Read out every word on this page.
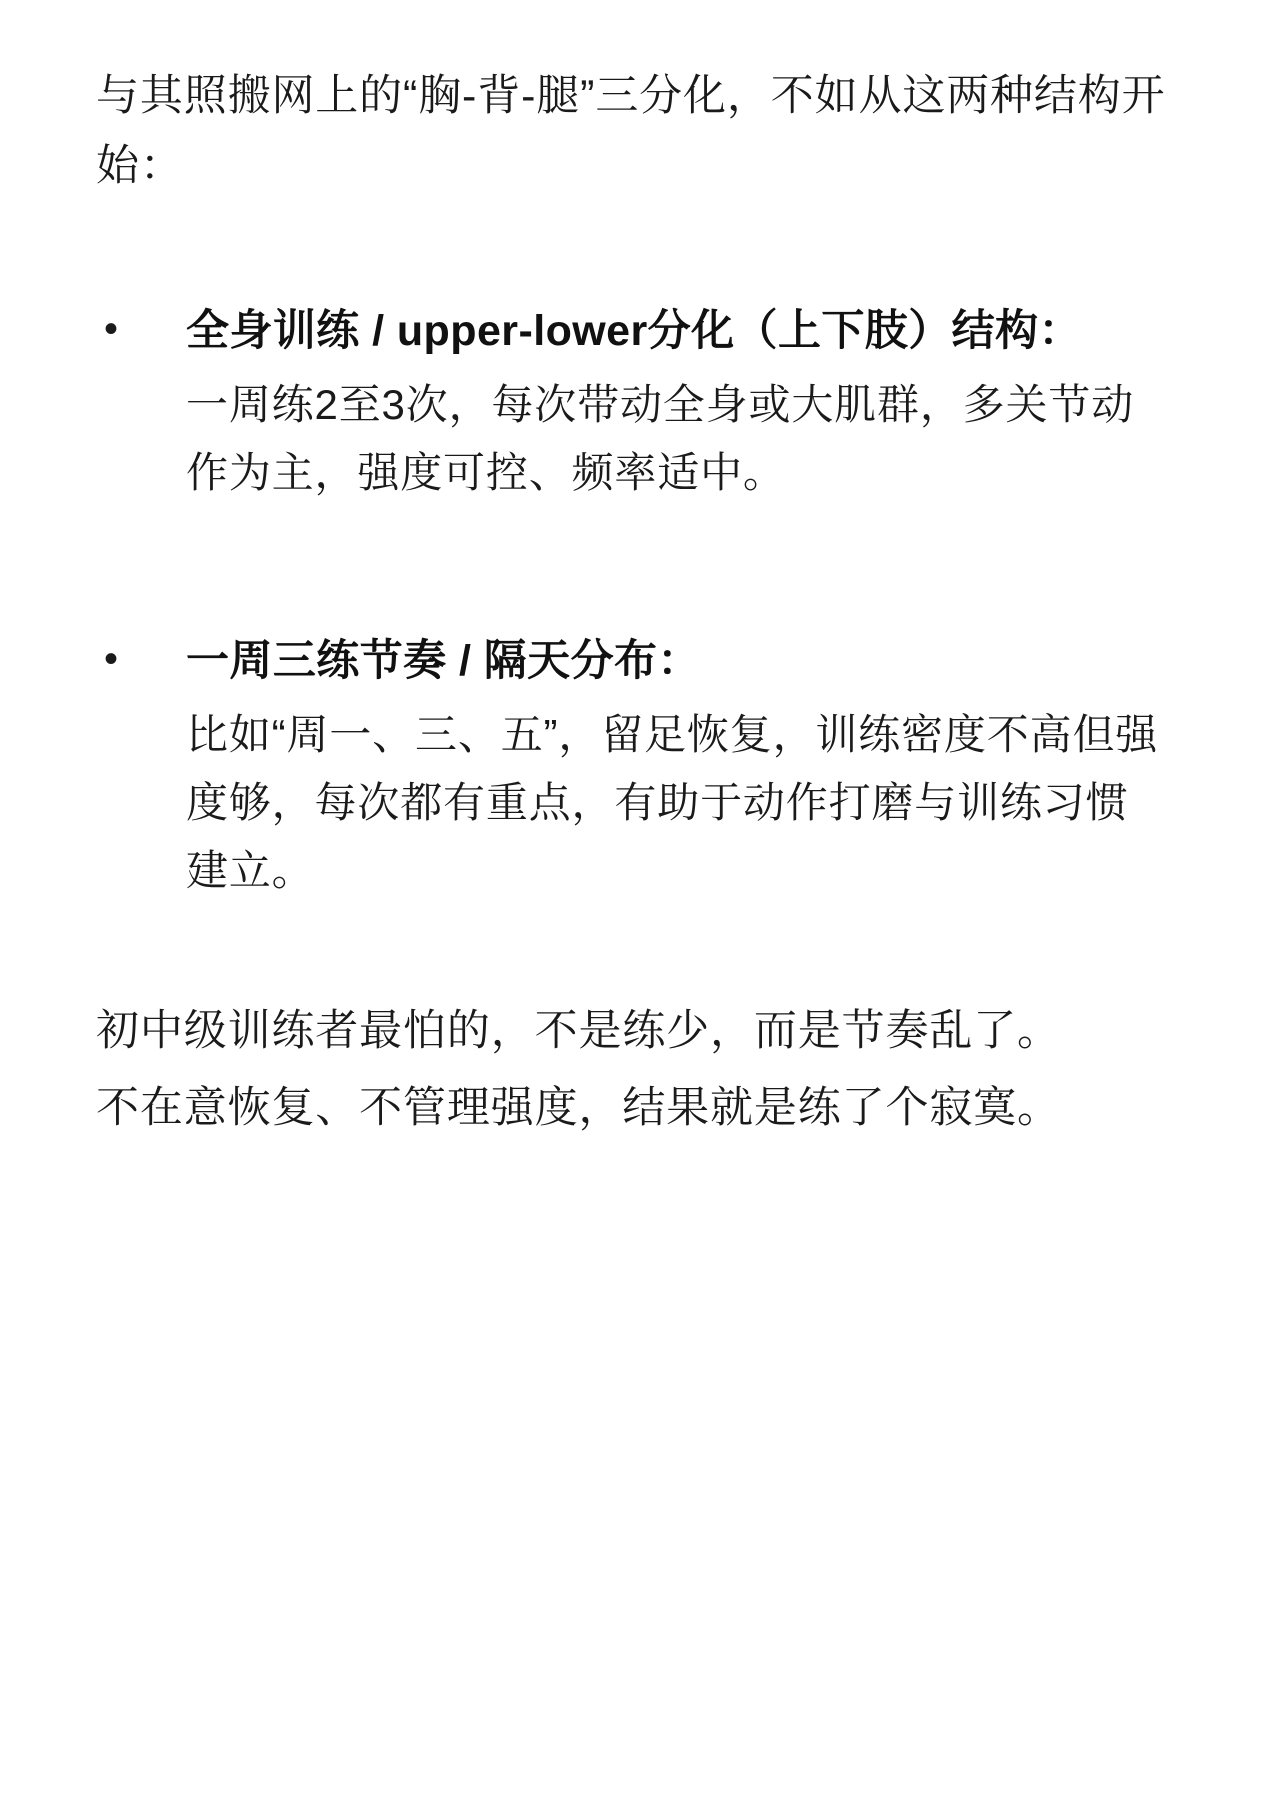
与其照搬网上的“胸-背-腿”三分化，不如从这两种结构开始：

•	全身训练 / upper-lower分化（上下肢）结构：

一周练2至3次，每次带动全身或大肌群，多关节动作为主，强度可控、频率适中。

•	一周三练节奏 / 隔天分布：

比如“周一、三、五”，留足恢复，训练密度不高但强度够，每次都有重点，有助于动作打磨与训练习惯建立。

初中级训练者最怕的，不是练少，而是节奏乱了。

不在意恢复、不管理强度，结果就是练了个寂寞。
